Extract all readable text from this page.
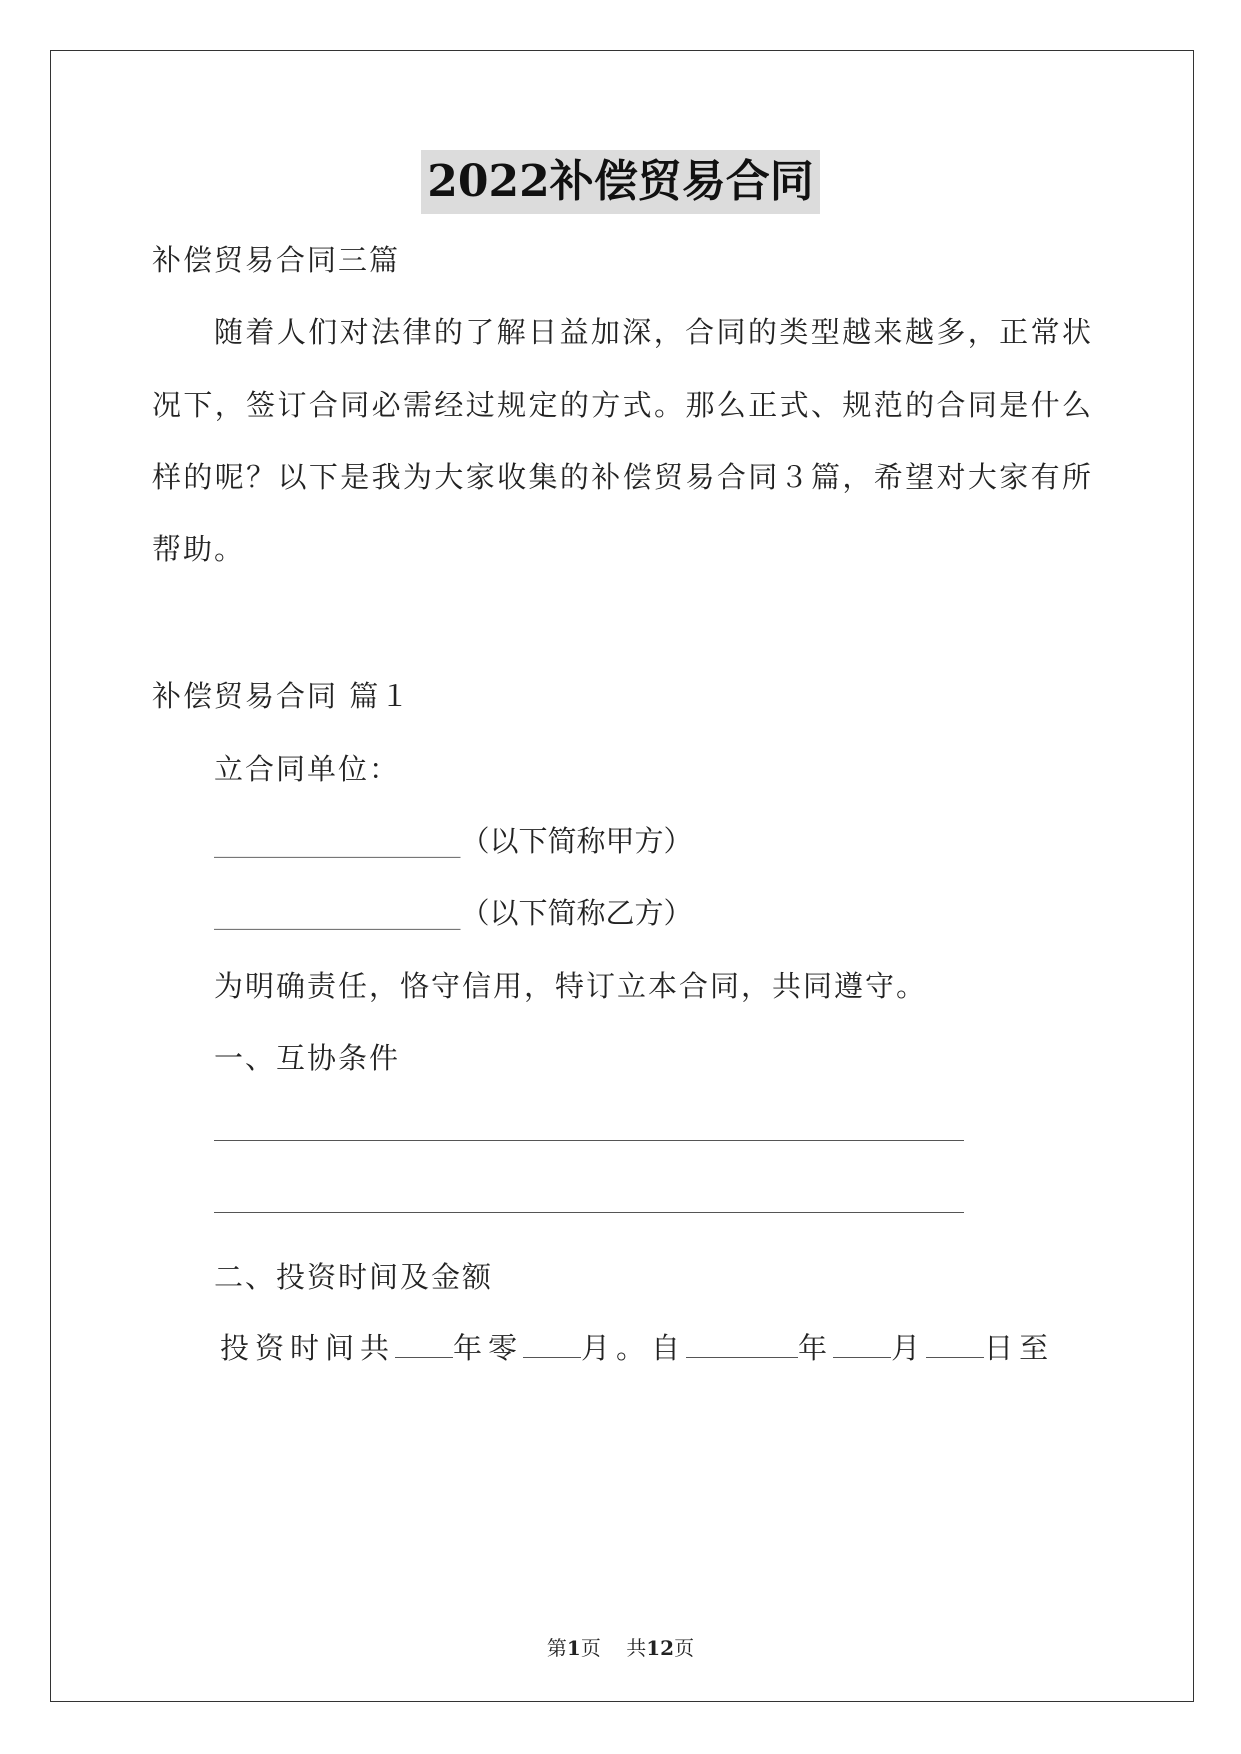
2022补偿贸易合同
补偿贸易合同三篇
随着人们对法律的了解日益加深，合同的类型越来越多，正常状
况下，签订合同必需经过规定的方式。那么正式、规范的合同是什么
样的呢？以下是我为大家收集的补偿贸易合同３篇，希望对大家有所
帮助。
补偿贸易合同 篇１
立合同单位：
_________________（以下简称甲方）
_________________（以下简称乙方）
为明确责任，恪守信用，特订立本合同，共同遵守。
一、互协条件
二、投资时间及金额
投资时间共 年零 月。自	年 月 日至
第1页    共12页
